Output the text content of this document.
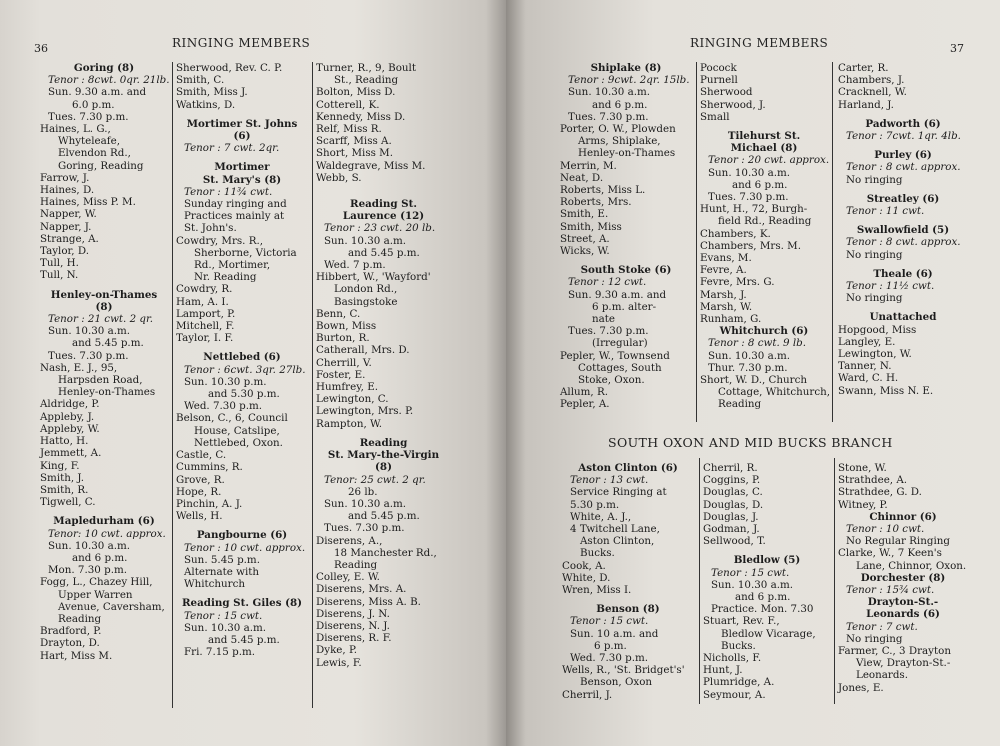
36	RINGING MEMBERS
Goring (8)
Tenor : 8cwt. 0qr. 21lb.
Sun. 9.30 a.m. and
6.0 p.m.
Tues. 7.30 p.m.
Haines, L. G.,
Whyteleafe,
Elvendon Rd.,
Goring, Reading
Farrow, J.
Haines, D.
Haines, Miss P. M.
Napper, W.
Napper, J.
Strange, A.
Taylor, D.
Tull, H.
Tull, N.
Henley-on-Thames
(8)
Tenor : 21 cwt. 2 qr.
Sun. 10.30 a.m.
and 5.45 p.m.
Tues. 7.30 p.m.
Nash, E. J., 95,
Harpsden Road,
Henley-on-Thames
Aldridge, P.
Appleby, J.
Appleby, W.
Hatto, H.
Jemmett, A.
King, F.
Smith, J.
Smith, R.
Tigwell, C.
Mapledurham (6)
Tenor: 10 cwt. approx.
Sun. 10.30 a.m.
and 6 p.m.
Mon. 7.30 p.m.
Fogg, L., Chazey Hill,
Upper Warren
Avenue, Caversham,
Reading
Bradford, P.
Drayton, D.
Hart, Miss M.
Sherwood, Rev. C. P.
Smith, C.
Smith, Miss J.
Watkins, D.
Mortimer St. Johns
(6)
Tenor : 7 cwt. 2qr.
Mortimer
St. Mary's (8)
Tenor : 11¾ cwt.
Sunday ringing and
Practices mainly at
St. John's.
Cowdry, Mrs. R.,
Sherborne, Victoria
Rd., Mortimer,
Nr. Reading
Cowdry, R.
Ham, A. I.
Lamport, P.
Mitchell, F.
Taylor, I. F.
Nettlebed (6)
Tenor : 6cwt. 3qr. 27lb.
Sun. 10.30 p.m.
and 5.30 p.m.
Wed. 7.30 p.m.
Belson, C., 6, Council
House, Catslipe,
Nettlebed, Oxon.
Castle, C.
Cummins, R.
Grove, R.
Hope, R.
Pinchin, A. J.
Wells, H.
Pangbourne (6)
Tenor : 10 cwt. approx.
Sun. 5.45 p.m.
Alternate with
Whitchurch
Reading St. Giles (8)
Tenor : 15 cwt.
Sun. 10.30 a.m.
and 5.45 p.m.
Fri. 7.15 p.m.
Turner, R., 9, Boult
St., Reading
Bolton, Miss D.
Cotterell, K.
Kennedy, Miss D.
Relf, Miss R.
Scarff, Miss A.
Short, Miss M.
Waldegrave, Miss M.
Webb, S.
Reading St.
Laurence (12)
Tenor : 23 cwt. 20 lb.
Sun. 10.30 a.m.
and 5.45 p.m.
Wed. 7 p.m.
Hibbert, W., 'Wayford'
London Rd.,
Basingstoke
Benn, C.
Bown, Miss
Burton, R.
Catherall, Mrs. D.
Cherrill, V.
Foster, E.
Humfrey, E.
Lewington, C.
Lewington, Mrs. P.
Rampton, W.
Reading
St. Mary-the-Virgin
(8)
Tenor: 25 cwt. 2 qr.
26 lb.
Sun. 10.30 a.m.
and 5.45 p.m.
Tues. 7.30 p.m.
Diserens, A.,
18 Manchester Rd.,
Reading
Colley, E. W.
Diserens, Mrs. A.
Diserens, Miss A. B.
Diserens, J. N.
Diserens, N. J.
Diserens, R. F.
Dyke, P.
Lewis, F.
RINGING MEMBERS	37
Shiplake (8)
Tenor : 9cwt. 2qr. 15lb.
Sun. 10.30 a.m.
and 6 p.m.
Tues. 7.30 p.m.
Porter, O. W., Plowden
Arms, Shiplake,
Henley-on-Thames
Merrin, M.
Neat, D.
Roberts, Miss L.
Roberts, Mrs.
Smith, E.
Smith, Miss
Street, A.
Wicks, W.
South Stoke (6)
Tenor : 12 cwt.
Sun. 9.30 a.m. and
6 p.m. alter-
nate
Tues. 7.30 p.m.
(Irregular)
Pepler, W., Townsend
Cottages, South
Stoke, Oxon.
Allum, R.
Pepler, A.
Pocock
Purnell
Sherwood
Sherwood, J.
Small
Tilehurst St.
Michael (8)
Tenor : 20 cwt. approx.
Sun. 10.30 a.m.
and 6 p.m.
Tues. 7.30 p.m.
Hunt, H., 72, Burgh-
field Rd., Reading
Chambers, K.
Chambers, Mrs. M.
Evans, M.
Fevre, A.
Fevre, Mrs. G.
Marsh, J.
Marsh, W.
Runham, G.
Whitchurch (6)
Tenor : 8 cwt. 9 lb.
Sun. 10.30 a.m.
Thur. 7.30 p.m.
Short, W. D., Church
Cottage, Whitchurch,
Reading
Carter, R.
Chambers, J.
Cracknell, W.
Harland, J.
Padworth (6)
Tenor : 7cwt. 1qr. 4lb.
Purley (6)
Tenor : 8 cwt. approx.
No ringing
Streatley (6)
Tenor : 11 cwt.
Swallowfield (5)
Tenor : 8 cwt. approx.
No ringing
Theale (6)
Tenor : 11½ cwt.
No ringing
Unattached
Hopgood, Miss
Langley, E.
Lewington, W.
Tanner, N.
Ward, C. H.
Swann, Miss N. E.
SOUTH OXON AND MID BUCKS BRANCH
Aston Clinton (6)
Tenor : 13 cwt.
Service Ringing at
5.30 p.m.
White, A. J.,
4 Twitchell Lane,
Aston Clinton,
Bucks.
Cook, A.
White, D.
Wren, Miss I.
Benson (8)
Tenor : 15 cwt.
Sun. 10 a.m. and
6 p.m.
Wed. 7.30 p.m.
Wells, R., 'St. Bridget's'
Benson, Oxon
Cherril, J.
Cherril, R.
Coggins, P.
Douglas, C.
Douglas, D.
Douglas, J.
Godman, J.
Sellwood, T.
Bledlow (5)
Tenor : 15 cwt.
Sun. 10.30 a.m.
and 6 p.m.
Practice. Mon. 7.30
Stuart, Rev. F.,
Bledlow Vicarage,
Bucks.
Nicholls, F.
Hunt, J.
Plumridge, A.
Seymour, A.
Stone, W.
Strathdee, A.
Strathdee, G. D.
Witney, P.
Chinnor (6)
Tenor : 10 cwt.
No Regular Ringing
Clarke, W., 7 Keen's
Lane, Chinnor, Oxon.
Dorchester (8)
Tenor : 15¾ cwt.
Drayton-St.-
Leonards (6)
Tenor : 7 cwt.
No ringing
Farmer, C., 3 Drayton
View, Drayton-St.-
Leonards.
Jones, E.
